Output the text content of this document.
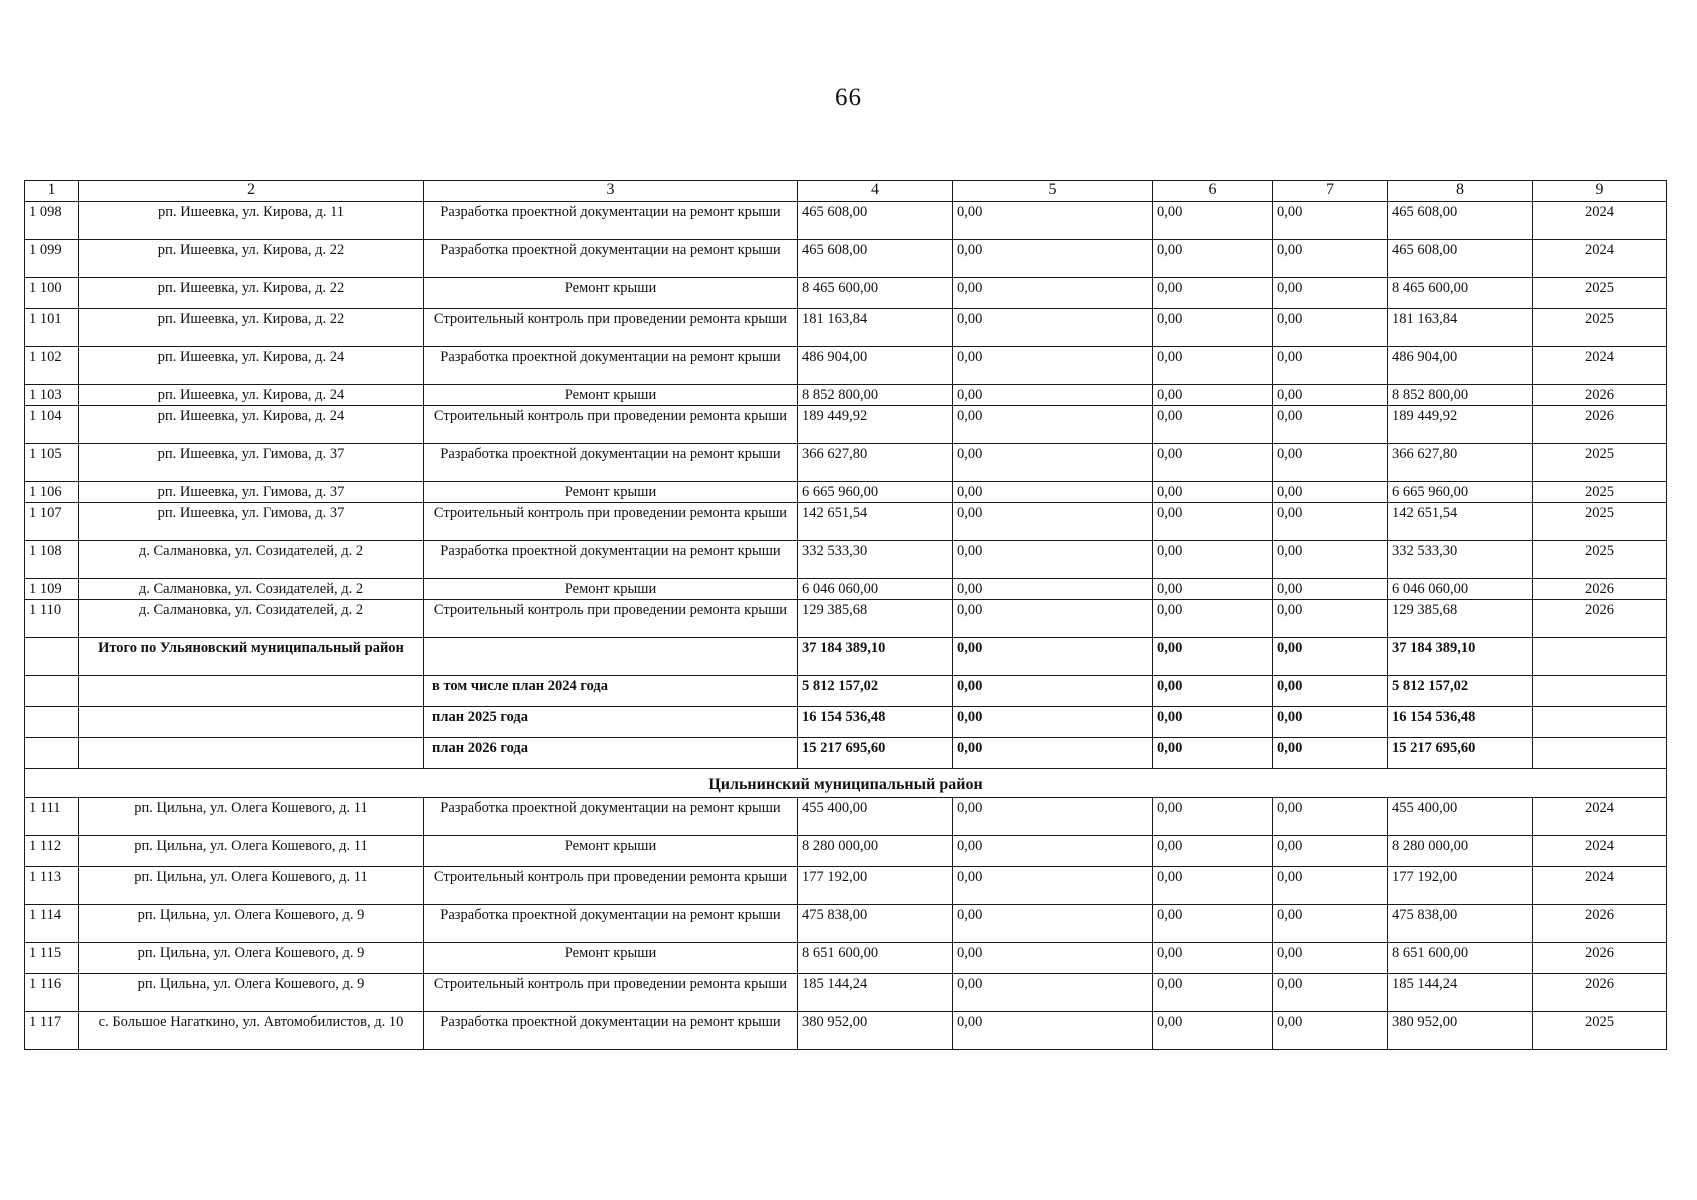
66
1	2	3	4	5	6	7	8	9
1 098	рп. Ишеевка, ул. Кирова, д. 11	Разработка проектной документации на ремонт крыши	465 608,00	0,00	0,00	0,00	465 608,00	2024
1 099	рп. Ишеевка, ул. Кирова, д. 22	Разработка проектной документации на ремонт крыши	465 608,00	0,00	0,00	0,00	465 608,00	2024
1 100	рп. Ишеевка, ул. Кирова, д. 22	Ремонт крыши	8 465 600,00	0,00	0,00	0,00	8 465 600,00	2025
1 101	рп. Ишеевка, ул. Кирова, д. 22	Строительный контроль при проведении ремонта крыши	181 163,84	0,00	0,00	0,00	181 163,84	2025
1 102	рп. Ишеевка, ул. Кирова, д. 24	Разработка проектной документации на ремонт крыши	486 904,00	0,00	0,00	0,00	486 904,00	2024
1 103	рп. Ишеевка, ул. Кирова, д. 24	Ремонт крыши	8 852 800,00	0,00	0,00	0,00	8 852 800,00	2026
1 104	рп. Ишеевка, ул. Кирова, д. 24	Строительный контроль при проведении ремонта крыши	189 449,92	0,00	0,00	0,00	189 449,92	2026
1 105	рп. Ишеевка, ул. Гимова, д. 37	Разработка проектной документации на ремонт крыши	366 627,80	0,00	0,00	0,00	366 627,80	2025
1 106	рп. Ишеевка, ул. Гимова, д. 37	Ремонт крыши	6 665 960,00	0,00	0,00	0,00	6 665 960,00	2025
1 107	рп. Ишеевка, ул. Гимова, д. 37	Строительный контроль при проведении ремонта крыши	142 651,54	0,00	0,00	0,00	142 651,54	2025
1 108	д. Салмановка, ул. Созидателей, д. 2	Разработка проектной документации на ремонт крыши	332 533,30	0,00	0,00	0,00	332 533,30	2025
1 109	д. Салмановка, ул. Созидателей, д. 2	Ремонт крыши	6 046 060,00	0,00	0,00	0,00	6 046 060,00	2026
1 110	д. Салмановка, ул. Созидателей, д. 2	Строительный контроль при проведении ремонта крыши	129 385,68	0,00	0,00	0,00	129 385,68	2026
	Итого по Ульяновский муниципальный район		37 184 389,10	0,00	0,00	0,00	37 184 389,10	
		в том числе план 2024 года	5 812 157,02	0,00	0,00	0,00	5 812 157,02	
		план 2025 года	16 154 536,48	0,00	0,00	0,00	16 154 536,48	
		план 2026 года	15 217 695,60	0,00	0,00	0,00	15 217 695,60	
Цильнинский муниципальный район								
1 111	рп. Цильна, ул. Олега Кошевого, д. 11	Разработка проектной документации на ремонт крыши	455 400,00	0,00	0,00	0,00	455 400,00	2024
1 112	рп. Цильна, ул. Олега Кошевого, д. 11	Ремонт крыши	8 280 000,00	0,00	0,00	0,00	8 280 000,00	2024
1 113	рп. Цильна, ул. Олега Кошевого, д. 11	Строительный контроль при проведении ремонта крыши	177 192,00	0,00	0,00	0,00	177 192,00	2024
1 114	рп. Цильна, ул. Олега Кошевого, д. 9	Разработка проектной документации на ремонт крыши	475 838,00	0,00	0,00	0,00	475 838,00	2026
1 115	рп. Цильна, ул. Олега Кошевого, д. 9	Ремонт крыши	8 651 600,00	0,00	0,00	0,00	8 651 600,00	2026
1 116	рп. Цильна, ул. Олега Кошевого, д. 9	Строительный контроль при проведении ремонта крыши	185 144,24	0,00	0,00	0,00	185 144,24	2026
1 117	с. Большое Нагаткино, ул. Автомобилистов, д. 10	Разработка проектной документации на ремонт крыши	380 952,00	0,00	0,00	0,00	380 952,00	2025
